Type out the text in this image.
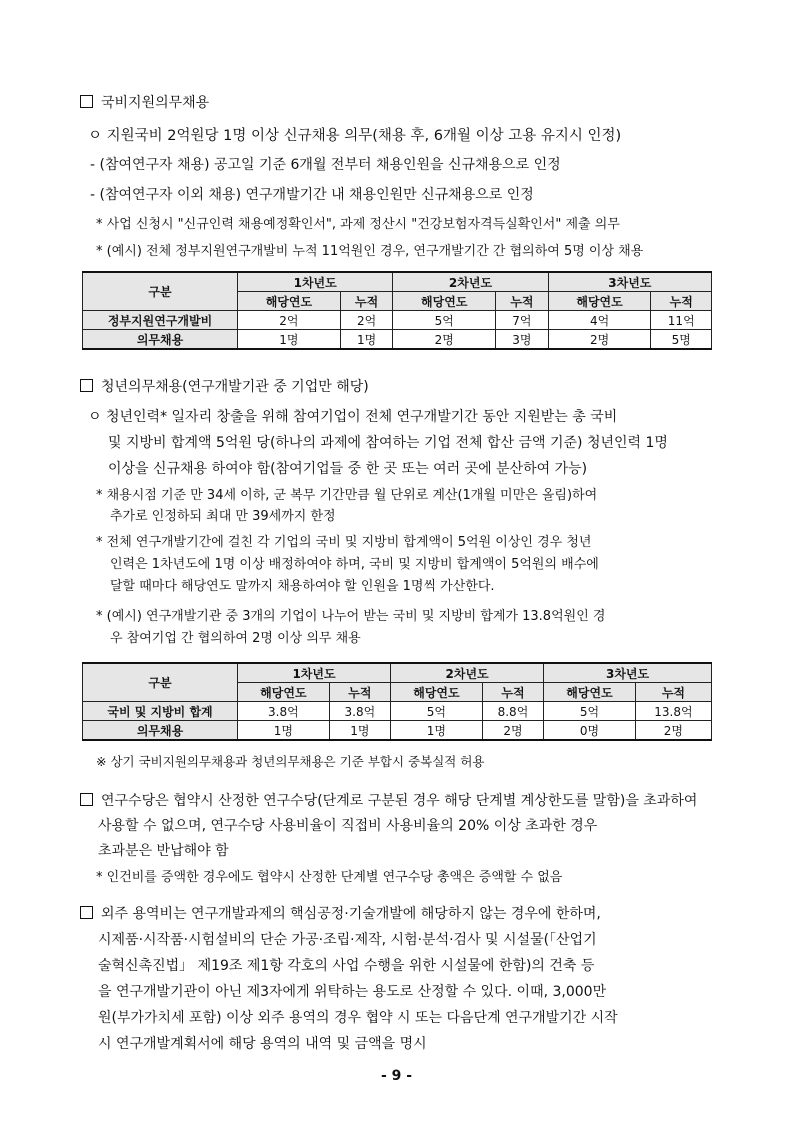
국비지원의무채용
ㅇ 지원국비 2억원당 1명 이상 신규채용 의무(채용 후, 6개월 이상 고용 유지시 인정)
- (참여연구자 채용) 공고일 기준 6개월 전부터 채용인원을 신규채용으로 인정
- (참여연구자 이외 채용) 연구개발기간 내 채용인원만 신규채용으로 인정
* 사업 신청시 "신규인력 채용예정확인서", 과제 정산시 "건강보험자격득실확인서" 제출 의무
* (예시) 전체 정부지원연구개발비 누적 11억원인 경우, 연구개발기간 간 협의하여 5명 이상 채용
구분	1차년도		2차년도		3차년도	
	해당연도	누적	해당연도	누적	해당연도	누적
정부지원연구개발비	2억	2억	5억	7억	4억	11억
의무채용	1명	1명	2명	3명	2명	5명
청년의무채용(연구개발기관 중 기업만 해당)
ㅇ 청년인력* 일자리 창출을 위해 참여기업이 전체 연구개발기간 동안 지원받는 총 국비
및 지방비 합계액 5억원 당(하나의 과제에 참여하는 기업 전체 합산 금액 기준) 청년인력 1명
이상을 신규채용 하여야 함(참여기업들 중 한 곳 또는 여러 곳에 분산하여 가능)
* 채용시점 기준 만 34세 이하, 군 복무 기간만큼 월 단위로 계산(1개월 미만은 올림)하여
추가로 인정하되 최대 만 39세까지 한정
* 전체 연구개발기간에 걸친 각 기업의 국비 및 지방비 합계액이 5억원 이상인 경우 청년
인력은 1차년도에 1명 이상 배정하여야 하며, 국비 및 지방비 합계액이 5억원의 배수에
달할 때마다 해당연도 말까지 채용하여야 할 인원을 1명씩 가산한다.
* (예시) 연구개발기관 중 3개의 기업이 나누어 받는 국비 및 지방비 합계가 13.8억원인 경
우 참여기업 간 협의하여 2명 이상 의무 채용
구분	1차년도		2차년도		3차년도	
	해당연도	누적	해당연도	누적	해당연도	누적
국비 및 지방비 합계	3.8억	3.8억	5억	8.8억	5억	13.8억
의무채용	1명	1명	1명	2명	0명	2명
※ 상기 국비지원의무채용과 청년의무채용은 기준 부합시 중복실적 허용
연구수당은 협약시 산정한 연구수당(단계로 구분된 경우 해당 단계별 계상한도를 말함)을 초과하여
사용할 수 없으며, 연구수당 사용비율이 직접비 사용비율의 20% 이상 초과한 경우
초과분은 반납해야 함
* 인건비를 증액한 경우에도 협약시 산정한 단계별 연구수당 총액은 증액할 수 없음
외주 용역비는 연구개발과제의 핵심공정·기술개발에 해당하지 않는 경우에 한하며,
시제품·시작품·시험설비의 단순 가공·조립·제작, 시험·분석·검사 및 시설물(「산업기
술혁신촉진법」 제19조 제1항 각호의 사업 수행을 위한 시설물에 한함)의 건축 등
을 연구개발기관이 아닌 제3자에게 위탁하는 용도로 산정할 수 있다. 이때, 3,000만
원(부가가치세 포함) 이상 외주 용역의 경우 협약 시 또는 다음단계 연구개발기간 시작
시 연구개발계획서에 해당 용역의 내역 및 금액을 명시
- 9 -
